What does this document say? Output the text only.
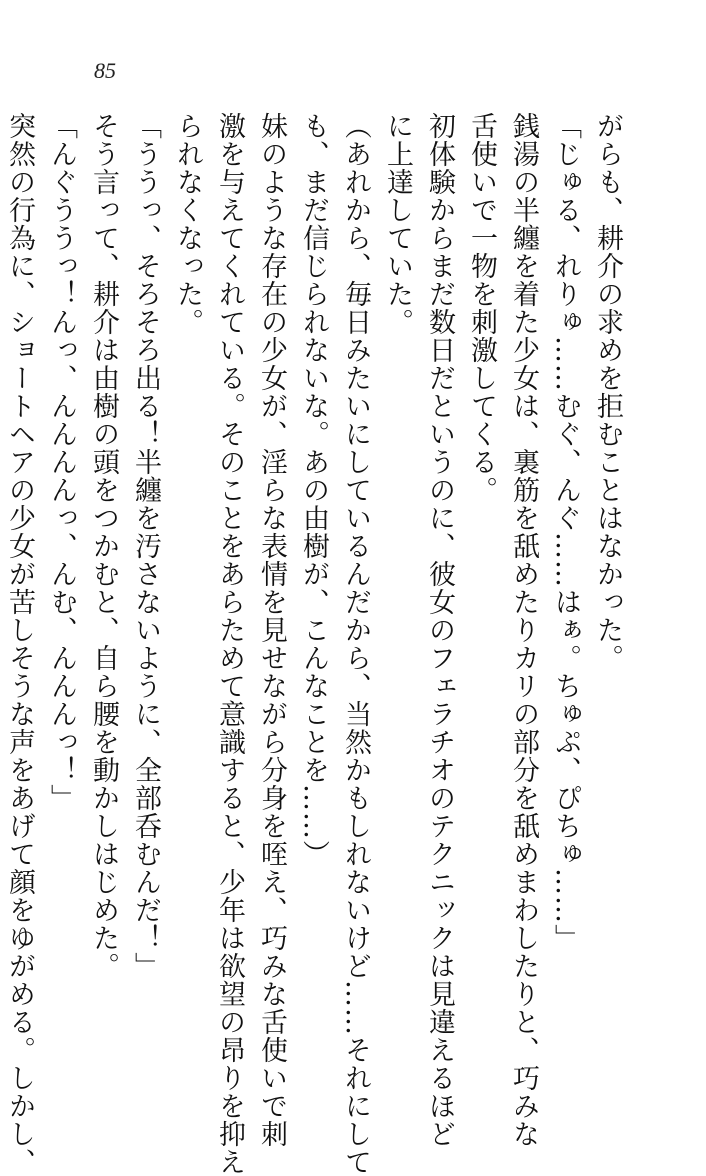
85
がらも、耕介の求めを拒むことはなかった。
「じゅる、れりゅ……むぐ、んぐ……はぁ。ちゅぷ、ぴちゅ……」
銭湯の半纏を着た少女は、裏筋を舐めたりカリの部分を舐めまわしたりと、巧みな
舌使いで一物を刺激してくる。
初体験からまだ数日だというのに、彼女のフェラチオのテクニックは見違えるほど
に上達していた。
（あれから、毎日みたいにしているんだから、当然かもしれないけど……それにして
も、まだ信じられないな。あの由樹が、こんなことを……）
妹のような存在の少女が、淫らな表情を見せながら分身を咥え、巧みな舌使いで刺
激を与えてくれている。そのことをあらためて意識すると、少年は欲望の昂りを抑え
られなくなった。
「ううっ、そろそろ出る！半纏を汚さないように、全部呑むんだ！」
そう言って、耕介は由樹の頭をつかむと、自ら腰を動かしはじめた。
「んぐううっ！んっ、んんんんっ、んむ、んんんっ！」
突然の行為に、ショートヘアの少女が苦しそうな声をあげて顔をゆがめる。しかし、
